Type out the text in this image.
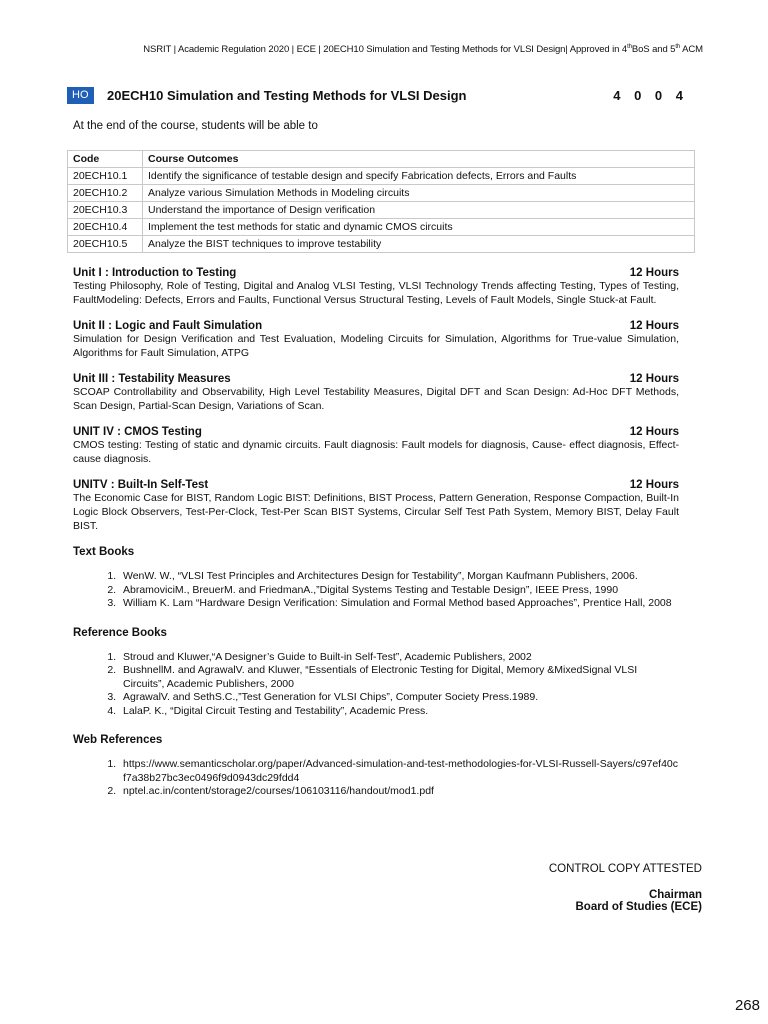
NSRIT | Academic Regulation 2020 | ECE | 20ECH10 Simulation and Testing Methods for VLSI Design| Approved in 4thBoS and 5th ACM
HO	20ECH10 Simulation and Testing Methods for VLSI Design	4 0 0 4
At the end of the course, students will be able to
Code	Course Outcomes
20ECH10.1	Identify the significance of testable design and specify Fabrication defects, Errors and Faults
20ECH10.2	Analyze various Simulation Methods in Modeling circuits
20ECH10.3	Understand the importance of Design verification
20ECH10.4	Implement the test methods for static and dynamic CMOS circuits
20ECH10.5	Analyze the BIST techniques to improve testability
Unit I : Introduction to Testing	12 Hours
Testing Philosophy, Role of Testing, Digital and Analog VLSI Testing, VLSI Technology Trends affecting Testing, Types of Testing, FaultModeling: Defects, Errors and Faults, Functional Versus Structural Testing, Levels of Fault Models, Single Stuck-at Fault.
Unit II : Logic and Fault Simulation	12 Hours
Simulation for Design Verification and Test Evaluation, Modeling Circuits for Simulation, Algorithms for True-value Simulation, Algorithms for Fault Simulation, ATPG
Unit III : Testability Measures	12 Hours
SCOAP Controllability and Observability, High Level Testability Measures, Digital DFT and Scan Design: Ad-Hoc DFT Methods, Scan Design, Partial-Scan Design, Variations of Scan.
UNIT IV : CMOS Testing	12 Hours
CMOS testing: Testing of static and dynamic circuits. Fault diagnosis: Fault models for diagnosis, Cause- effect diagnosis, Effect-cause diagnosis.
UNITV : Built-In Self-Test	12 Hours
The Economic Case for BIST, Random Logic BIST: Definitions, BIST Process, Pattern Generation, Response Compaction, Built-In Logic Block Observers, Test-Per-Clock, Test-Per Scan BIST Systems, Circular Self Test Path System, Memory BIST, Delay Fault BIST.
Text Books
1. WenW. W., “VLSI Test Principles and Architectures Design for Testability”, Morgan Kaufmann Publishers, 2006.
2. AbramoviciM., BreuerM. and FriedmanA.,”Digital Systems Testing and Testable Design”, IEEE Press, 1990
3. William K. Lam “Hardware Design Verification: Simulation and Formal Method based Approaches”, Prentice Hall, 2008
Reference Books
1. Stroud and Kluwer,“A Designer’s Guide to Built-in Self-Test”, Academic Publishers, 2002
2. BushnellM. and AgrawalV. and Kluwer, “Essentials of Electronic Testing for Digital, Memory &MixedSignal VLSI Circuits”, Academic Publishers, 2000
3. AgrawalV. and SethS.C.,”Test Generation for VLSI Chips”, Computer Society Press.1989.
4. LalaP. K., “Digital Circuit Testing and Testability”, Academic Press.
Web References
1. https://www.semanticscholar.org/paper/Advanced-simulation-and-test-methodologies-for-VLSI-Russell-Sayers/c97ef40cf7a38b27bc3ec0496f9d0943dc29fdd4
2. nptel.ac.in/content/storage2/courses/106103116/handout/mod1.pdf
CONTROL COPY ATTESTED
Chairman
Board of Studies (ECE)
268
